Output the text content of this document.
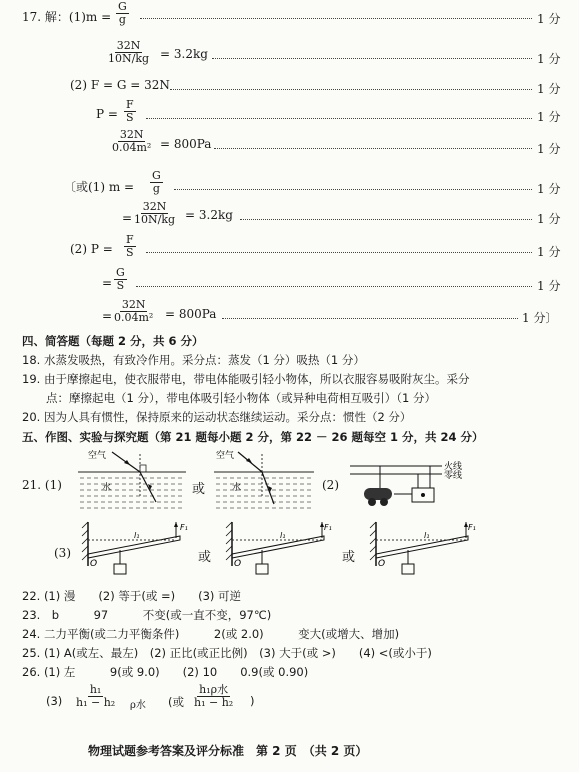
17. 解：(1)m =
G
g	1 分
32N
10N/kg = 3.2kg	1 分
(2) F = G = 32N	1 分
P =
F
S	1 分
32N
0.04m² = 800Pa	1 分
〔或(1) m =
G
g	1 分
=
32N
10N/kg = 3.2kg	1 分
(2) P =
F
S	1 分
=
G
S	1 分
=
32N
0.04m² = 800Pa	1 分〕
四、简答题（每题 2 分，共 6 分）
18. 水蒸发吸热，有致冷作用。采分点：蒸发（1 分）吸热（1 分）
19. 由于摩擦起电，使衣服带电，带电体能吸引轻小物体，所以衣服容易吸附灰尘。采分
点：摩擦起电（1 分），带电体吸引轻小物体（或异种电荷相互吸引）（1 分）
20. 因为人具有惯性，保持原来的运动状态继续运动。采分点：惯性（2 分）
五、作图、实验与探究题（第 21 题每小题 2 分，第 22 － 26 题每空 1 分，共 24 分）
21. (1)
空气
水	或
空气
水	(2)
火线
零线
(3)
O
l₁
F₁
或	O
l₁
F₁
或	O
l₁
F₁
22. (1) 漫　　(2) 等于(或 =)　　(3) 可逆
23.　b　　　97　　　不变(或一直不变，97℃)
24. 二力平衡(或二力平衡条件)　　　2(或 2.0)　　　变大(或增大、增加)
25. (1) A(或左、最左)　(2) 正比(或正比例)　(3) 大于(或 >)　　(4) <(或小于)
26. (1) 左　　　9(或 9.0)　　(2) 10　　0.9(或 0.90)
(3)
h₁
h₁ − h₂ ρ水 (或
h₁ρ水
h₁ − h₂ )
物理试题参考答案及评分标准　第 2 页　（共 2 页）
